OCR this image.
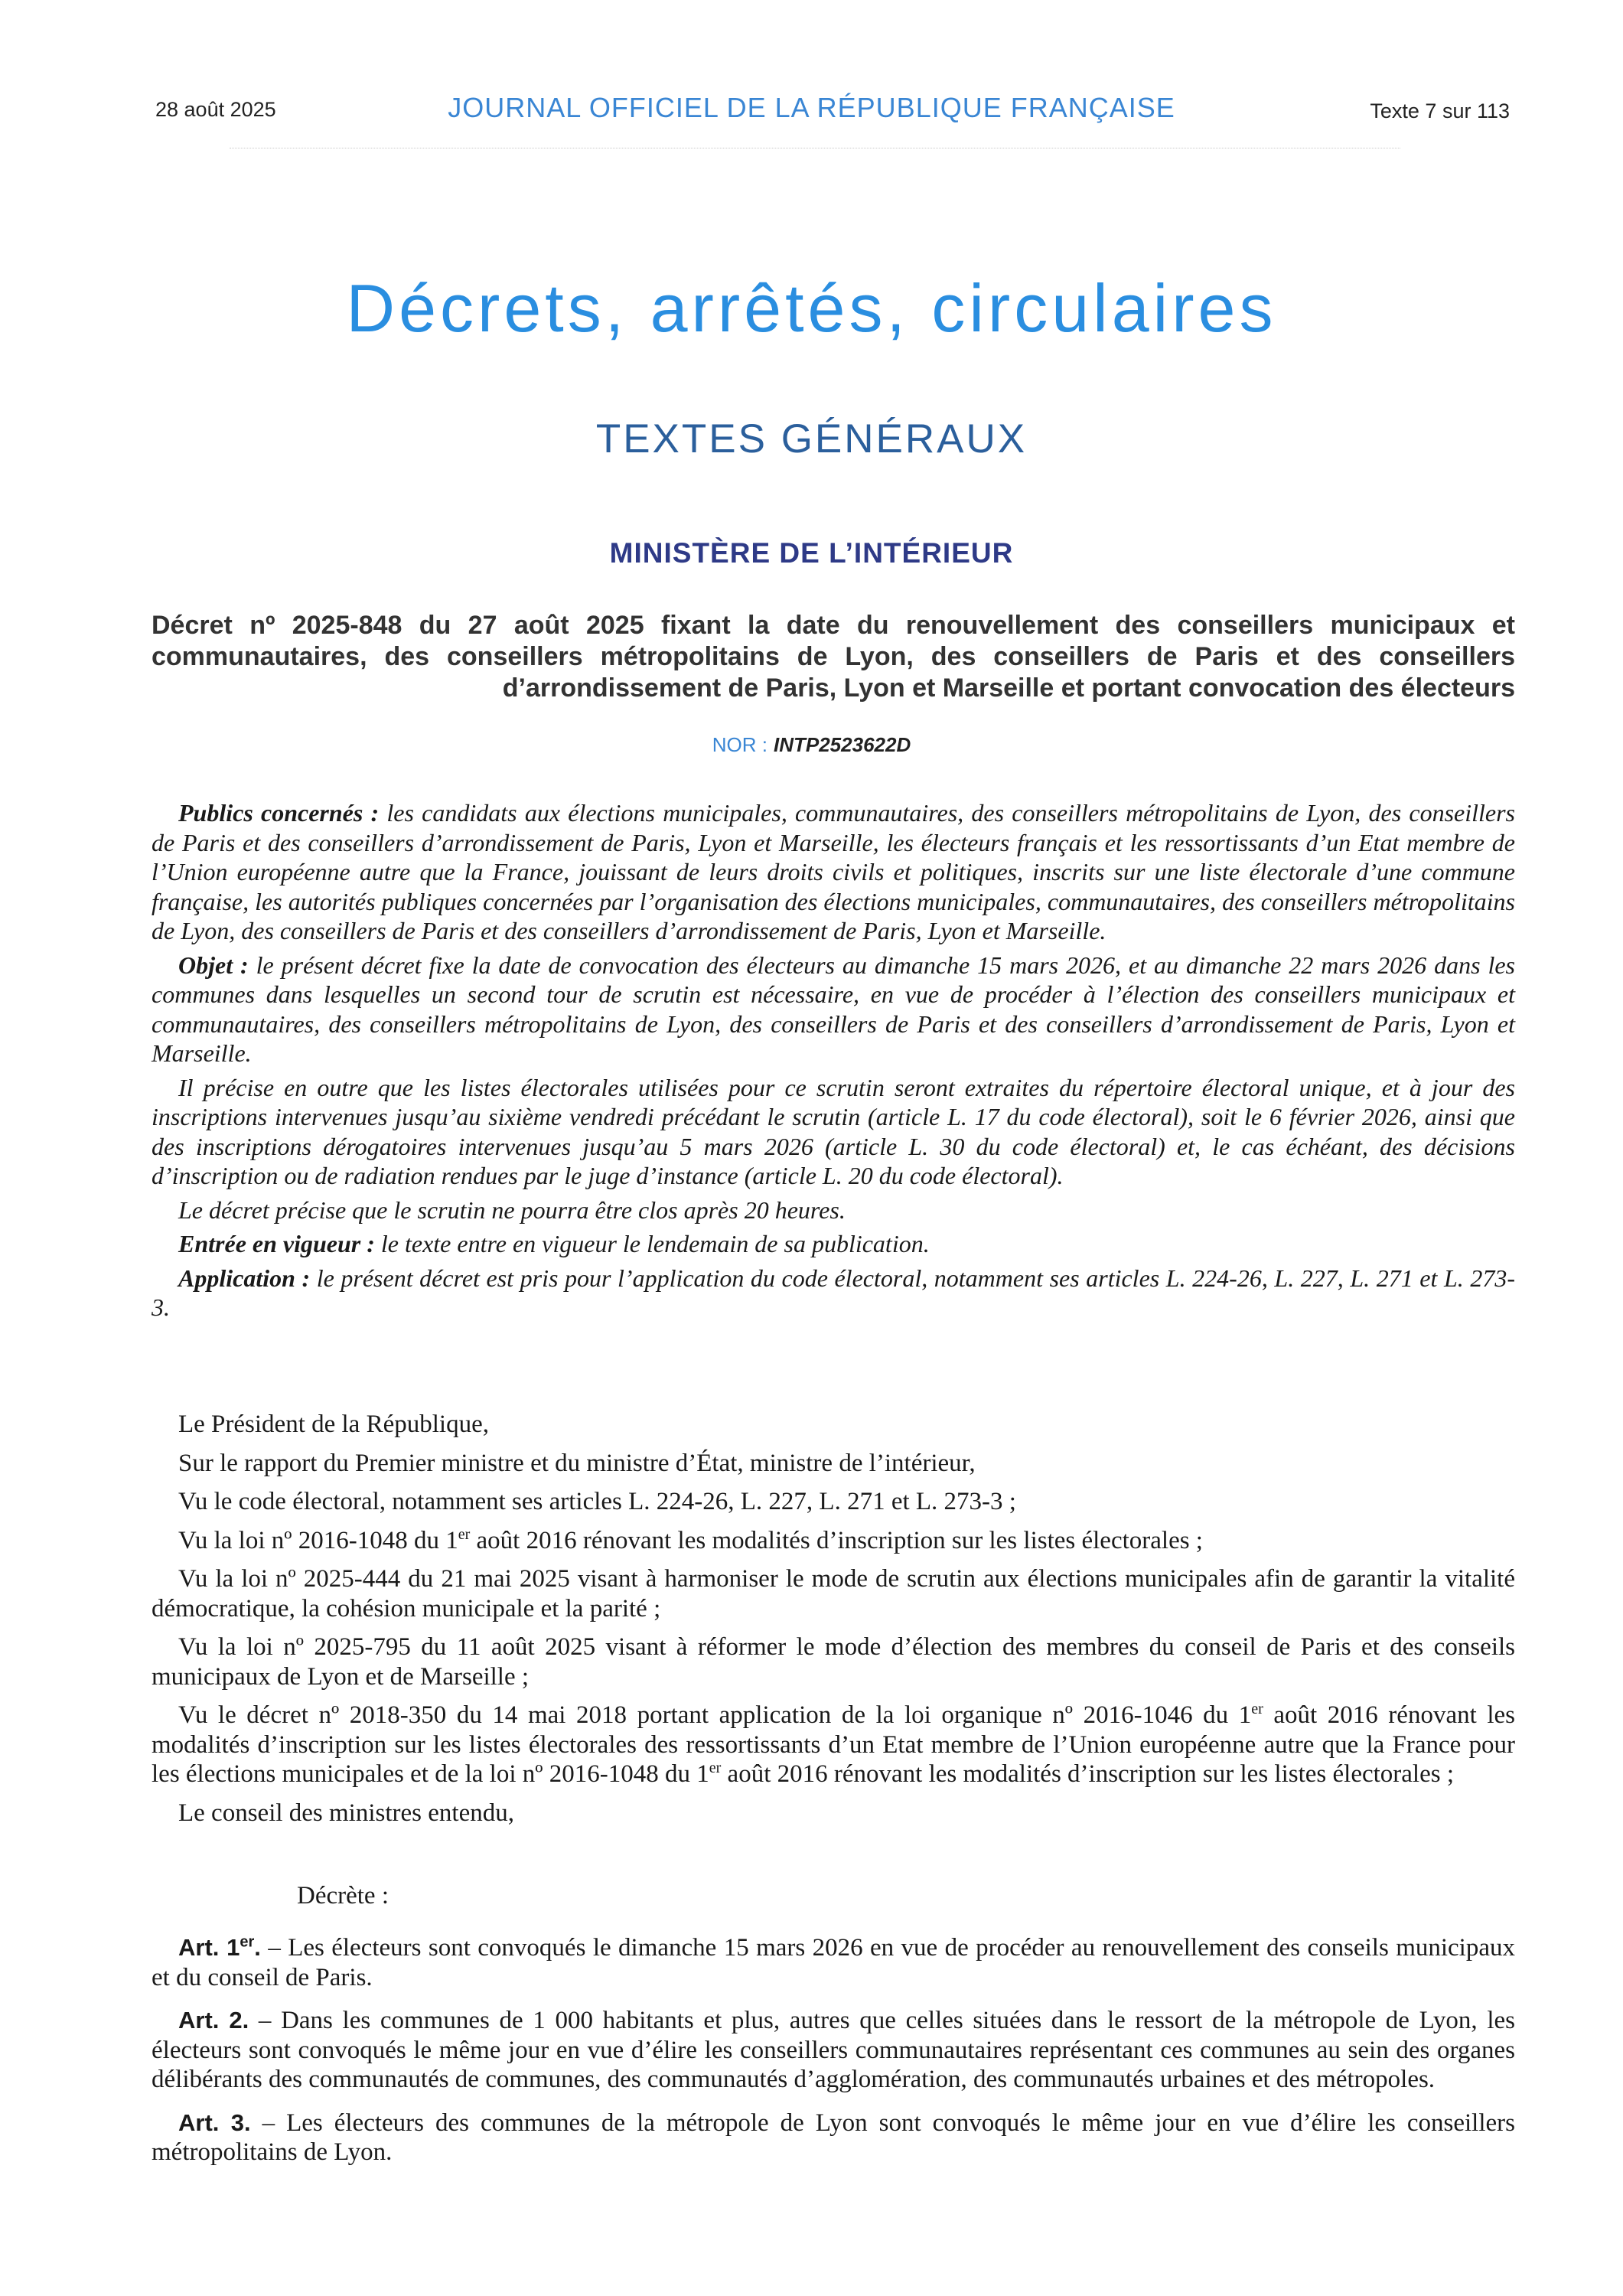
28 août 2025	JOURNAL OFFICIEL DE LA RÉPUBLIQUE FRANÇAISE	Texte 7 sur 113
Décrets, arrêtés, circulaires
TEXTES GÉNÉRAUX
MINISTÈRE DE L’INTÉRIEUR
Décret nº 2025-848 du 27 août 2025 fixant la date du renouvellement des conseillers municipaux et communautaires, des conseillers métropolitains de Lyon, des conseillers de Paris et des conseillers d’arrondissement de Paris, Lyon et Marseille et portant convocation des électeurs
NOR : INTP2523622D

Publics concernés : les candidats aux élections municipales, communautaires, des conseillers métropolitains de Lyon, des conseillers de Paris et des conseillers d’arrondissement de Paris, Lyon et Marseille, les électeurs français et les ressortissants d’un Etat membre de l’Union européenne autre que la France, jouissant de leurs droits civils et politiques, inscrits sur une liste électorale d’une commune française, les autorités publiques concernées par l’organisation des élections municipales, communautaires, des conseillers métropolitains de Lyon, des conseillers de Paris et des conseillers d’arrondissement de Paris, Lyon et Marseille.

Objet : le présent décret fixe la date de convocation des électeurs au dimanche 15 mars 2026, et au dimanche 22 mars 2026 dans les communes dans lesquelles un second tour de scrutin est nécessaire, en vue de procéder à l’élection des conseillers municipaux et communautaires, des conseillers métropolitains de Lyon, des conseillers de Paris et des conseillers d’arrondissement de Paris, Lyon et Marseille.

Il précise en outre que les listes électorales utilisées pour ce scrutin seront extraites du répertoire électoral unique, et à jour des inscriptions intervenues jusqu’au sixième vendredi précédant le scrutin (article L. 17 du code électoral), soit le 6 février 2026, ainsi que des inscriptions dérogatoires intervenues jusqu’au 5 mars 2026 (article L. 30 du code électoral) et, le cas échéant, des décisions d’inscription ou de radiation rendues par le juge d’instance (article L. 20 du code électoral).

Le décret précise que le scrutin ne pourra être clos après 20 heures.

Entrée en vigueur : le texte entre en vigueur le lendemain de sa publication.

Application : le présent décret est pris pour l’application du code électoral, notamment ses articles L. 224-26, L. 227, L. 271 et L. 273-3.

Le Président de la République,

Sur le rapport du Premier ministre et du ministre d’État, ministre de l’intérieur,

Vu le code électoral, notamment ses articles L. 224-26, L. 227, L. 271 et L. 273-3 ;

Vu la loi nº 2016-1048 du 1er août 2016 rénovant les modalités d’inscription sur les listes électorales ;

Vu la loi nº 2025-444 du 21 mai 2025 visant à harmoniser le mode de scrutin aux élections municipales afin de garantir la vitalité démocratique, la cohésion municipale et la parité ;

Vu la loi nº 2025-795 du 11 août 2025 visant à réformer le mode d’élection des membres du conseil de Paris et des conseils municipaux de Lyon et de Marseille ;

Vu le décret nº 2018-350 du 14 mai 2018 portant application de la loi organique nº 2016-1046 du 1er août 2016 rénovant les modalités d’inscription sur les listes électorales des ressortissants d’un Etat membre de l’Union européenne autre que la France pour les élections municipales et de la loi nº 2016-1048 du 1er août 2016 rénovant les modalités d’inscription sur les listes électorales ;

Le conseil des ministres entendu,

Décrète :

Art. 1er. – Les électeurs sont convoqués le dimanche 15 mars 2026 en vue de procéder au renouvellement des conseils municipaux et du conseil de Paris.

Art. 2. – Dans les communes de 1 000 habitants et plus, autres que celles situées dans le ressort de la métropole de Lyon, les électeurs sont convoqués le même jour en vue d’élire les conseillers communautaires représentant ces communes au sein des organes délibérants des communautés de communes, des communautés d’agglomération, des communautés urbaines et des métropoles.

Art. 3. – Les électeurs des communes de la métropole de Lyon sont convoqués le même jour en vue d’élire les conseillers métropolitains de Lyon.
